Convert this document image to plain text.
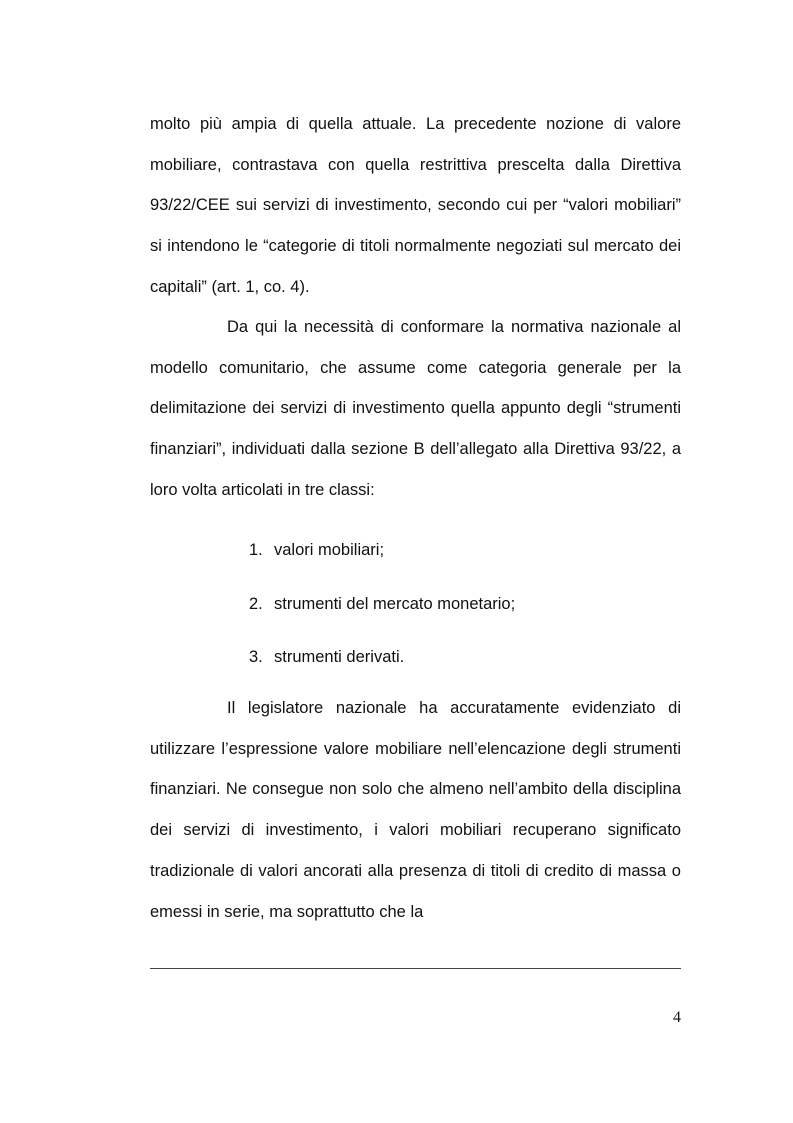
molto più ampia di quella attuale. La precedente nozione di valore mobiliare, contrastava con quella restrittiva prescelta dalla Direttiva 93/22/CEE sui servizi di investimento, secondo cui per “valori mobiliari” si intendono le “categorie di titoli normalmente negoziati sul mercato dei capitali” (art. 1, co. 4).

Da qui la necessità di conformare la normativa nazionale al modello comunitario, che assume come categoria generale per la delimitazione dei servizi di investimento quella appunto degli “strumenti finanziari”, individuati dalla sezione B dell’allegato alla Direttiva 93/22, a loro volta articolati in tre classi:

1. valori mobiliari;
2. strumenti del mercato monetario;
3. strumenti derivati.

Il legislatore nazionale ha accuratamente evidenziato di utilizzare l’espressione valore mobiliare nell’elencazione degli strumenti finanziari. Ne consegue non solo che almeno nell’ambito della disciplina dei servizi di investimento, i valori mobiliari recuperano significato tradizionale di valori ancorati alla presenza di titoli di credito di massa o emessi in serie, ma soprattutto che la

4
